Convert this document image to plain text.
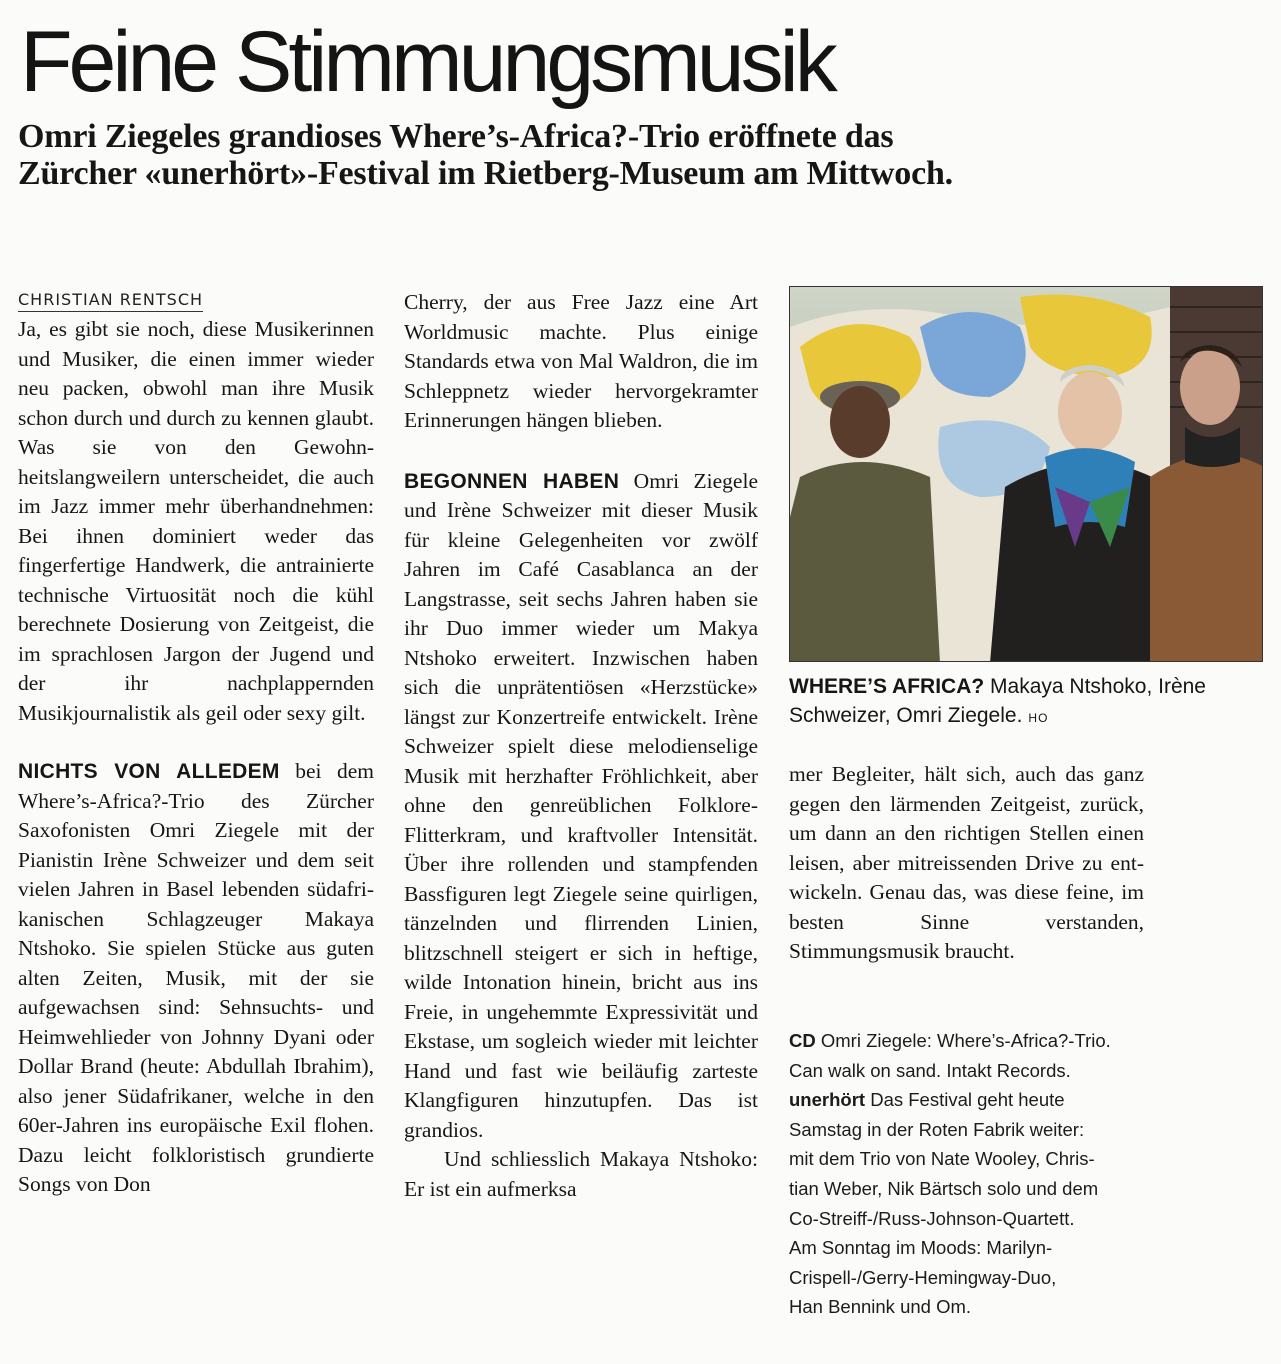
Feine Stimmungsmusik
Omri Ziegeles grandioses Where’s-Africa?-Trio eröffnete das
Zürcher «unerhört»-Festival im Rietberg-Museum am Mittwoch.
CHRISTIAN RENTSCH

Ja, es gibt sie noch, diese Musikerinnen und Musiker, die einen immer wieder neu packen, obwohl man ihre Musik schon durch und durch zu kennen glaubt. Was sie von den Gewohnheitslangweilern unterscheidet, die auch im Jazz immer mehr überhandnehmen: Bei ihnen dominiert weder das fingerfertige Handwerk, die antrainierte technische Virtuosität noch die kühl berechnete Dosierung von Zeitgeist, die im sprachlosen Jargon der Jugend und der ihr nachplappernden Musikjournalistik als geil oder sexy gilt.

NICHTS VON ALLEDEM bei dem Where’s-Africa?-Trio des Zürcher Saxofonisten Omri Ziegele mit der Pianistin Irène Schweizer und dem seit vielen Jahren in Basel lebenden südafrikanischen Schlagzeuger Makaya Ntshoko. Sie spielen Stücke aus guten alten Zeiten, Musik, mit der sie aufgewachsen sind: Sehnsuchts- und Heimwehlieder von Johnny Dyani oder Dollar Brand (heute: Abdullah Ibrahim), also jener Südafrikaner, welche in den 60er-Jahren ins europäische Exil flohen. Dazu leicht folkloristisch grundierte Songs von Don

Cherry, der aus Free Jazz eine Art Worldmusic machte. Plus einige Standards etwa von Mal Waldron, die im Schleppnetz wieder hervorgekramter Erinnerungen hängen blieben.

BEGONNEN HABEN Omri Ziegele und Irène Schweizer mit dieser Musik für kleine Gelegenheiten vor zwölf Jahren im Café Casablanca an der Langstrasse, seit sechs Jahren haben sie ihr Duo immer wieder um Makya Ntshoko erweitert. Inzwischen haben sich die unprätentiösen «Herzstücke» längst zur Konzertreife entwickelt. Irène Schweizer spielt diese melodienselige Musik mit herzhafter Fröhlichkeit, aber ohne den genreüblichen Folklore-Flitterkram, und kraftvoller Intensität. Über ihre rollenden und stampfenden Bassfiguren legt Ziegele seine quirligen, tänzelnden und flirrenden Linien, blitzschnell steigert er sich in heftige, wilde Intonation hinein, bricht aus ins Freie, in ungehemmte Expressivität und Ekstase, um sogleich wieder mit leichter Hand und fast wie beiläufig zarteste Klangfiguren hinzutupfen. Das ist grandios.

Und schliesslich Makaya Ntshoko: Er ist ein aufmerksa

WHERE’S AFRICA? Makaya Ntshoko, Irène Schweizer, Omri Ziegele. HO

mer Begleiter, hält sich, auch das ganz gegen den lärmenden Zeitgeist, zurück, um dann an den richtigen Stellen einen leisen, aber mitreissenden Drive zu entwickeln. Genau das, was diese feine, im besten Sinne verstanden, Stimmungsmusik braucht.

CD Omri Ziegele: Where’s-Africa?-Trio.
Can walk on sand. Intakt Records.
unerhört Das Festival geht heute
Samstag in der Roten Fabrik weiter:
mit dem Trio von Nate Wooley, Chris-
tian Weber, Nik Bärtsch solo und dem
Co-Streiff-/Russ-Johnson-Quartett.
Am Sonntag im Moods: Marilyn-
Crispell-/Gerry-Hemingway-Duo,
Han Bennink und Om.
